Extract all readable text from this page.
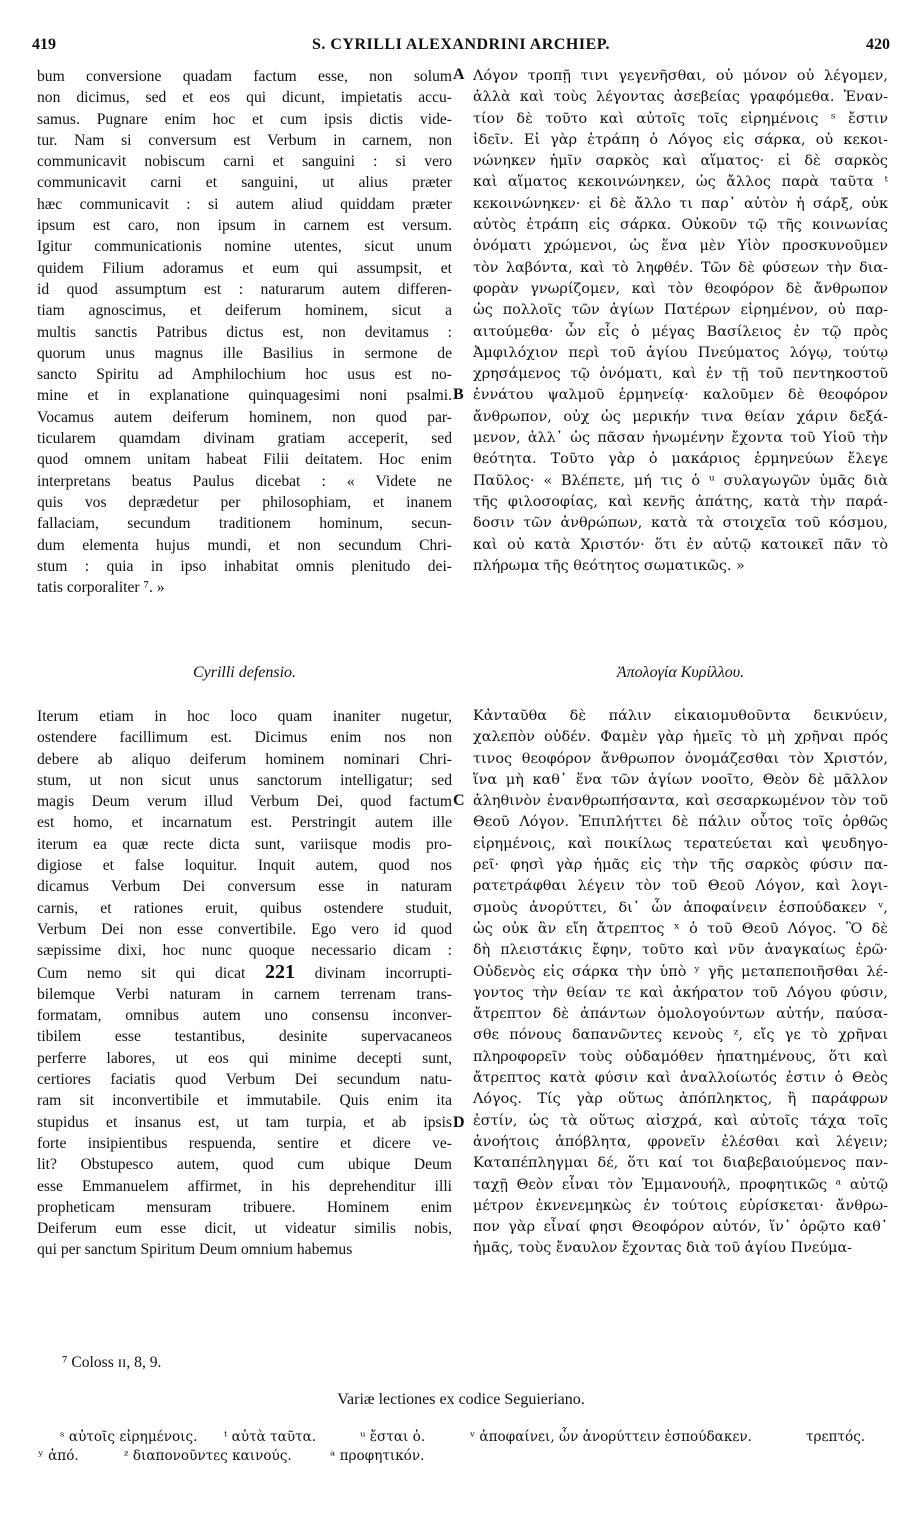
419	S. CYRILLI ALEXANDRINI ARCHIEP.	420
bum conversione quadam factum esse, non solum
non dicimus, sed et eos qui dicunt, impietatis accu-
samus. Pugnare enim hoc et cum ipsis dictis vide-
tur. Nam si conversum est Verbum in carnem, non
communicavit nobiscum carni et sanguini : si vero
communicavit carni et sanguini, ut alius præter
hæc communicavit : si autem aliud quiddam præter
ipsum est caro, non ipsum in carnem est versum.
Igitur communicationis nomine utentes, sicut unum
quidem Filium adoramus et eum qui assumpsit, et
id quod assumptum est : naturarum autem differen-
tiam agnoscimus, et deiferum hominem, sicut a
multis sanctis Patribus dictus est, non devitamus :
quorum unus magnus ille Basilius in sermone de
sancto Spiritu ad Amphilochium hoc usus est no-
mine et in explanatione quinquagesimi noni psalmi.
Vocamus autem deiferum hominem, non quod par-
ticularem quamdam divinam gratiam acceperit, sed
quod omnem unitam habeat Filii deitatem. Hoc enim
interpretans beatus Paulus dicebat : « Videte ne
quis vos deprædetur per philosophiam, et inanem
fallaciam, secundum traditionem hominum, secun-
dum elementa hujus mundi, et non secundum Chri-
stum : quia in ipso inhabitat omnis plenitudo dei-
tatis corporaliter ⁷. »
Λόγον τροπῇ τινι γεγενῆσθαι, οὐ μόνον οὐ λέγομεν,
ἀλλὰ καὶ τοὺς λέγοντας ἀσεβείας γραφόμεθα. Ἐναν-
τίον δὲ τοῦτο καὶ αὐτοῖς τοῖς εἰρημένοις ˢ ἔστιν
ἰδεῖν. Εἰ γὰρ ἐτράπη ὁ Λόγος εἰς σάρκα, οὐ κεκοι-
νώνηκεν ἡμῖν σαρκὸς καὶ αἵματος· εἰ δὲ σαρκὸς
καὶ αἵματος κεκοινώνηκεν, ὡς ἄλλος παρὰ ταῦτα ᵗ
κεκοινώνηκεν· εἰ δὲ ἄλλο τι παρ᾿ αὐτὸν ἡ σάρξ, οὐκ
αὐτὸς ἐτράπη εἰς σάρκα. Οὐκοῦν τῷ τῆς κοινωνίας
ὀνόματι χρώμενοι, ὡς ἕνα μὲν Υἱὸν προσκυνοῦμεν
τὸν λαβόντα, καὶ τὸ ληφθέν. Τῶν δὲ φύσεων τὴν δια-
φορὰν γνωρίζομεν, καὶ τὸν θεοφόρον δὲ ἄνθρωπον
ὡς πολλοῖς τῶν ἁγίων Πατέρων εἰρημένον, οὐ παρ-
αιτούμεθα· ὧν εἷς ὁ μέγας Βασίλειος ἐν τῷ πρὸς
Ἀμφιλόχιον περὶ τοῦ ἁγίου Πνεύματος λόγῳ, τούτῳ
χρησάμενος τῷ ὀνόματι, καὶ ἐν τῇ τοῦ πεντηκοστοῦ
ἐννάτου ψαλμοῦ ἑρμηνείᾳ· καλοῦμεν δὲ θεοφόρον
ἄνθρωπον, οὐχ ὡς μερικήν τινα θείαν χάριν δεξά-
μενον, ἀλλ᾿ ὡς πᾶσαν ἡνωμένην ἔχοντα τοῦ Υἱοῦ τὴν
θεότητα. Τοῦτο γὰρ ὁ μακάριος ἑρμηνεύων ἔλεγε
Παῦλος· « Βλέπετε, μή τις ὁ ᵘ συλαγωγῶν ὑμᾶς διὰ
τῆς φιλοσοφίας, καὶ κενῆς ἀπάτης, κατὰ τὴν παρά-
δοσιν τῶν ἀνθρώπων, κατὰ τὰ στοιχεῖα τοῦ κόσμου,
καὶ οὐ κατὰ Χριστόν· ὅτι ἐν αὐτῷ κατοικεῖ πᾶν τὸ
πλήρωμα τῆς θεότητος σωματικῶς. »
A
B
C
D
Cyrilli defensio.	Ἀπολογία Κυρίλλου.
Iterum etiam in hoc loco quam inaniter nugetur,
ostendere facillimum est. Dicimus enim nos non
debere ab aliquo deiferum hominem nominari Chri-
stum, ut non sicut unus sanctorum intelligatur; sed
magis Deum verum illud Verbum Dei, quod factum
est homo, et incarnatum est. Perstringit autem ille
iterum ea quæ recte dicta sunt, variisque modis pro-
digiose et false loquitur. Inquit autem, quod nos
dicamus Verbum Dei conversum esse in naturam
carnis, et rationes eruit, quibus ostendere studuit,
Verbum Dei non esse convertibile. Ego vero id quod
sæpissime dixi, hoc nunc quoque necessario dicam :
Cum nemo sit qui dicat 221 divinam incorrupti-
bilemque Verbi naturam in carnem terrenam trans-
formatam, omnibus autem uno consensu inconver-
tibilem esse testantibus, desinite supervacaneos
perferre labores, ut eos qui minime decepti sunt,
certiores faciatis quod Verbum Dei secundum natu-
ram sit inconvertibile et immutabile. Quis enim ita
stupidus et insanus est, ut tam turpia, et ab ipsis
forte insipientibus respuenda, sentire et dicere ve-
lit? Obstupesco autem, quod cum ubique Deum
esse Emmanuelem affirmet, in his deprehenditur illi
propheticam mensuram tribuere. Hominem enim
Deiferum eum esse dicit, ut videatur similis nobis,
qui per sanctum Spiritum Deum omnium habemus
Κἀνταῦθα δὲ πάλιν εἰκαιομυθοῦντα δεικνύειν,
χαλεπὸν οὐδέν. Φαμὲν γὰρ ἡμεῖς τὸ μὴ χρῆναι πρός
τινος θεοφόρον ἄνθρωπον ὀνομάζεσθαι τὸν Χριστόν,
ἵνα μὴ καθ᾿ ἕνα τῶν ἁγίων νοοῖτο, Θεὸν δὲ μᾶλλον
ἀληθινὸν ἐνανθρωπήσαντα, καὶ σεσαρκωμένον τὸν τοῦ
Θεοῦ Λόγον. Ἐπιπλήττει δὲ πάλιν οὗτος τοῖς ὀρθῶς
εἰρημένοις, καὶ ποικίλως τερατεύεται καὶ ψευδηγο-
ρεῖ· φησὶ γὰρ ἡμᾶς εἰς τὴν τῆς σαρκὸς φύσιν πα-
ρατετράφθαι λέγειν τὸν τοῦ Θεοῦ Λόγον, καὶ λογι-
σμοὺς ἀνορύττει, δι᾿ ὧν ἀποφαίνειν ἐσπούδακεν ᵛ,
ὡς οὐκ ἂν εἴη ἄτρεπτος ˣ ὁ τοῦ Θεοῦ Λόγος. Ὃ δὲ
δὴ πλειστάκις ἔφην, τοῦτο καὶ νῦν ἀναγκαίως ἐρῶ·
Οὐδενὸς εἰς σάρκα τὴν ὑπὸ ʸ γῆς μεταπεποιῆσθαι λέ-
γοντος τὴν θείαν τε καὶ ἀκήρατον τοῦ Λόγου φύσιν,
ἄτρεπτον δὲ ἁπάντων ὁμολογούντων αὐτήν, παύσα-
σθε πόνους δαπανῶντες κενοὺς ᶻ, εἴς γε τὸ χρῆναι
πληροφορεῖν τοὺς οὐδαμόθεν ἠπατημένους, ὅτι καὶ
ἄτρεπτος κατὰ φύσιν καὶ ἀναλλοίωτός ἐστιν ὁ Θεὸς
Λόγος. Τίς γὰρ οὕτως ἀπόπληκτος, ἢ παράφρων
ἐστίν, ὡς τὰ οὕτως αἰσχρά, καὶ αὐτοῖς τάχα τοῖς
ἀνοήτοις ἀπόβλητα, φρονεῖν ἐλέσθαι καὶ λέγειν;
Καταπέπληγμαι δέ, ὅτι καί τοι διαβεβαιούμενος παν-
ταχῇ Θεὸν εἶναι τὸν Ἐμμανουήλ, προφητικῶς ᵃ αὐτῷ
μέτρον ἐκνενεμηκὼς ἐν τούτοις εὑρίσκεται· ἄνθρω-
πον γὰρ εἶναί φησι Θεοφόρον αὐτόν, ἵν᾿ ὀρῷτο καθ᾿
ἡμᾶς, τοὺς ἔναυλον ἔχοντας διὰ τοῦ ἁγίου Πνεύμα-
⁷ Coloss ɪɪ, 8, 9.
Variæ lectiones ex codice Seguieriano.
ˢ αὐτοῖς εἰρημένοις. ᵗ αὐτὰ ταῦτα.	ᵘ ἔσται ὁ.	ᵛ ἀποφαίνει, ὧν ἀνορύττειν ἐσπούδακεν.	τρεπτός.
ʸ ἀπό.	ᶻ διαπονοῦντες καινούς.	ᵃ προφητικόν.
